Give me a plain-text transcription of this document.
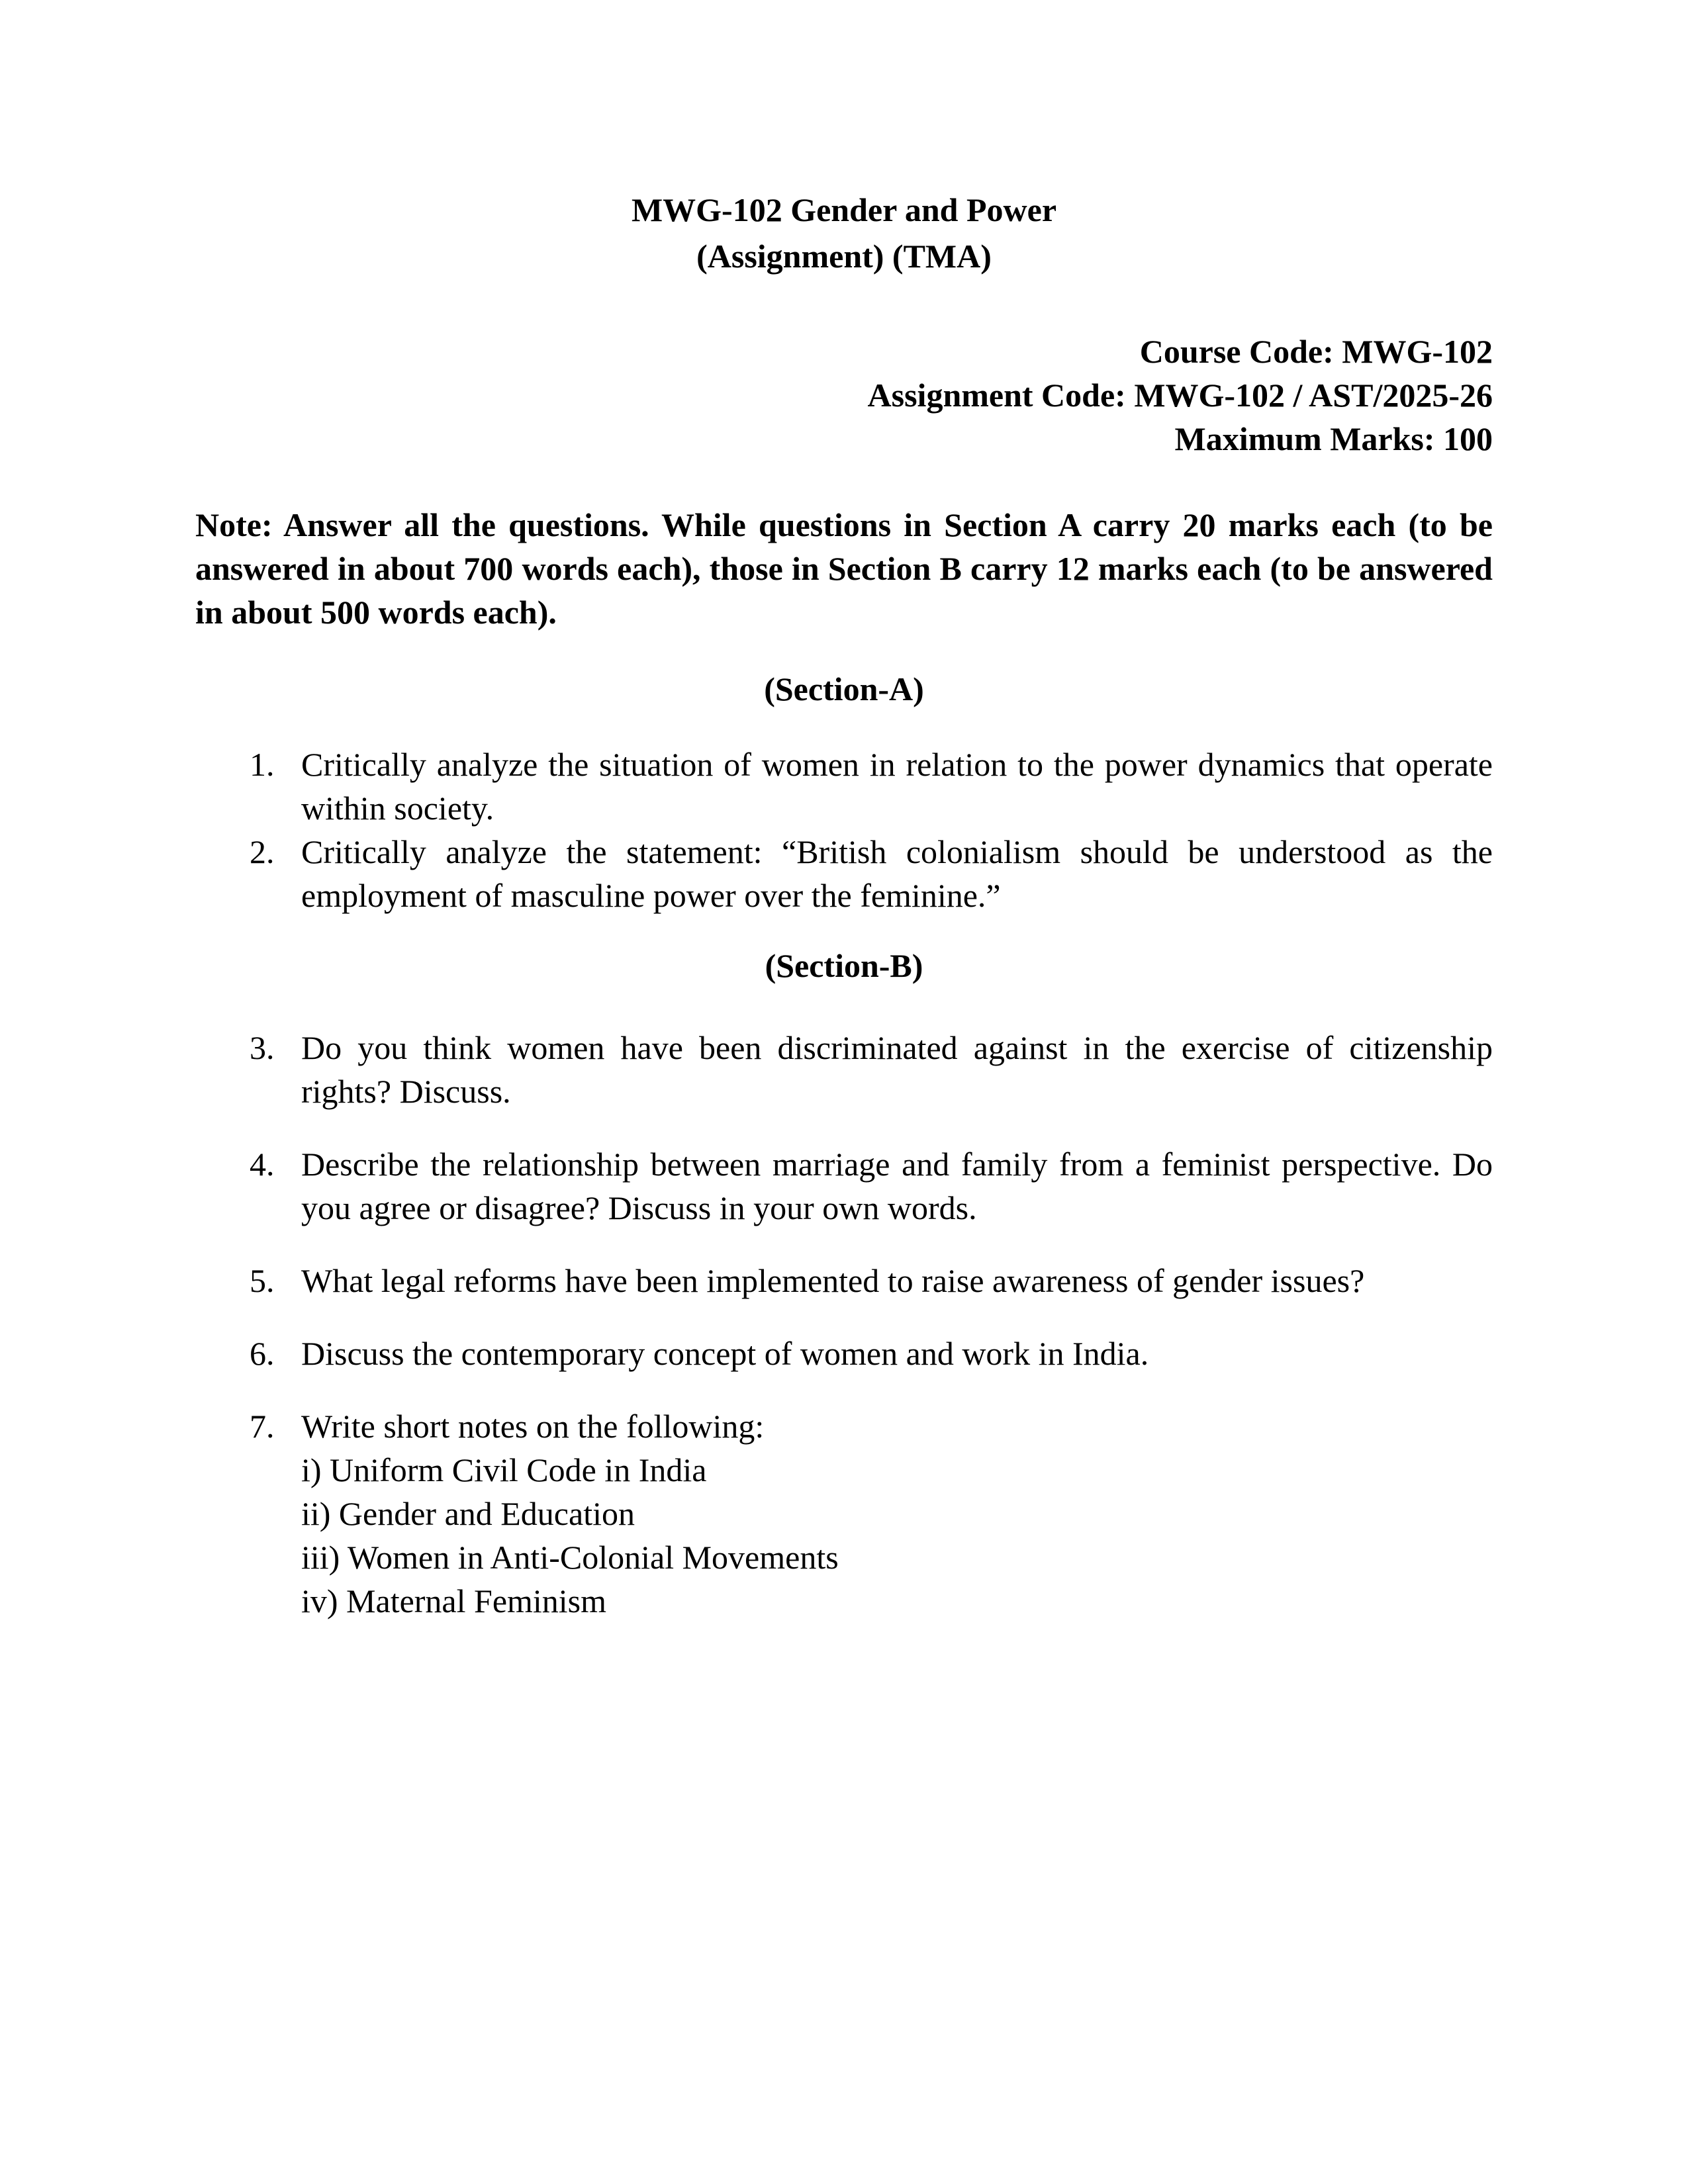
MWG-102 Gender and Power
(Assignment) (TMA)
Course Code: MWG-102
Assignment Code: MWG-102 / AST/2025-26
Maximum Marks: 100

Note: Answer all the questions. While questions in Section A carry 20 marks each (to be answered in about 700 words each), those in Section B carry 12 marks each (to be answered in about 500 words each).

(Section-A)
1. Critically analyze the situation of women in relation to the power dynamics that operate within society.
2. Critically analyze the statement: “British colonialism should be understood as the employment of masculine power over the feminine.”
(Section-B)
3. Do you think women have been discriminated against in the exercise of citizenship rights? Discuss.
4. Describe the relationship between marriage and family from a feminist perspective. Do you agree or disagree? Discuss in your own words.
5. What legal reforms have been implemented to raise awareness of gender issues?
6. Discuss the contemporary concept of women and work in India.
7. Write short notes on the following:
i) Uniform Civil Code in India
ii) Gender and Education
iii) Women in Anti-Colonial Movements
iv) Maternal Feminism
